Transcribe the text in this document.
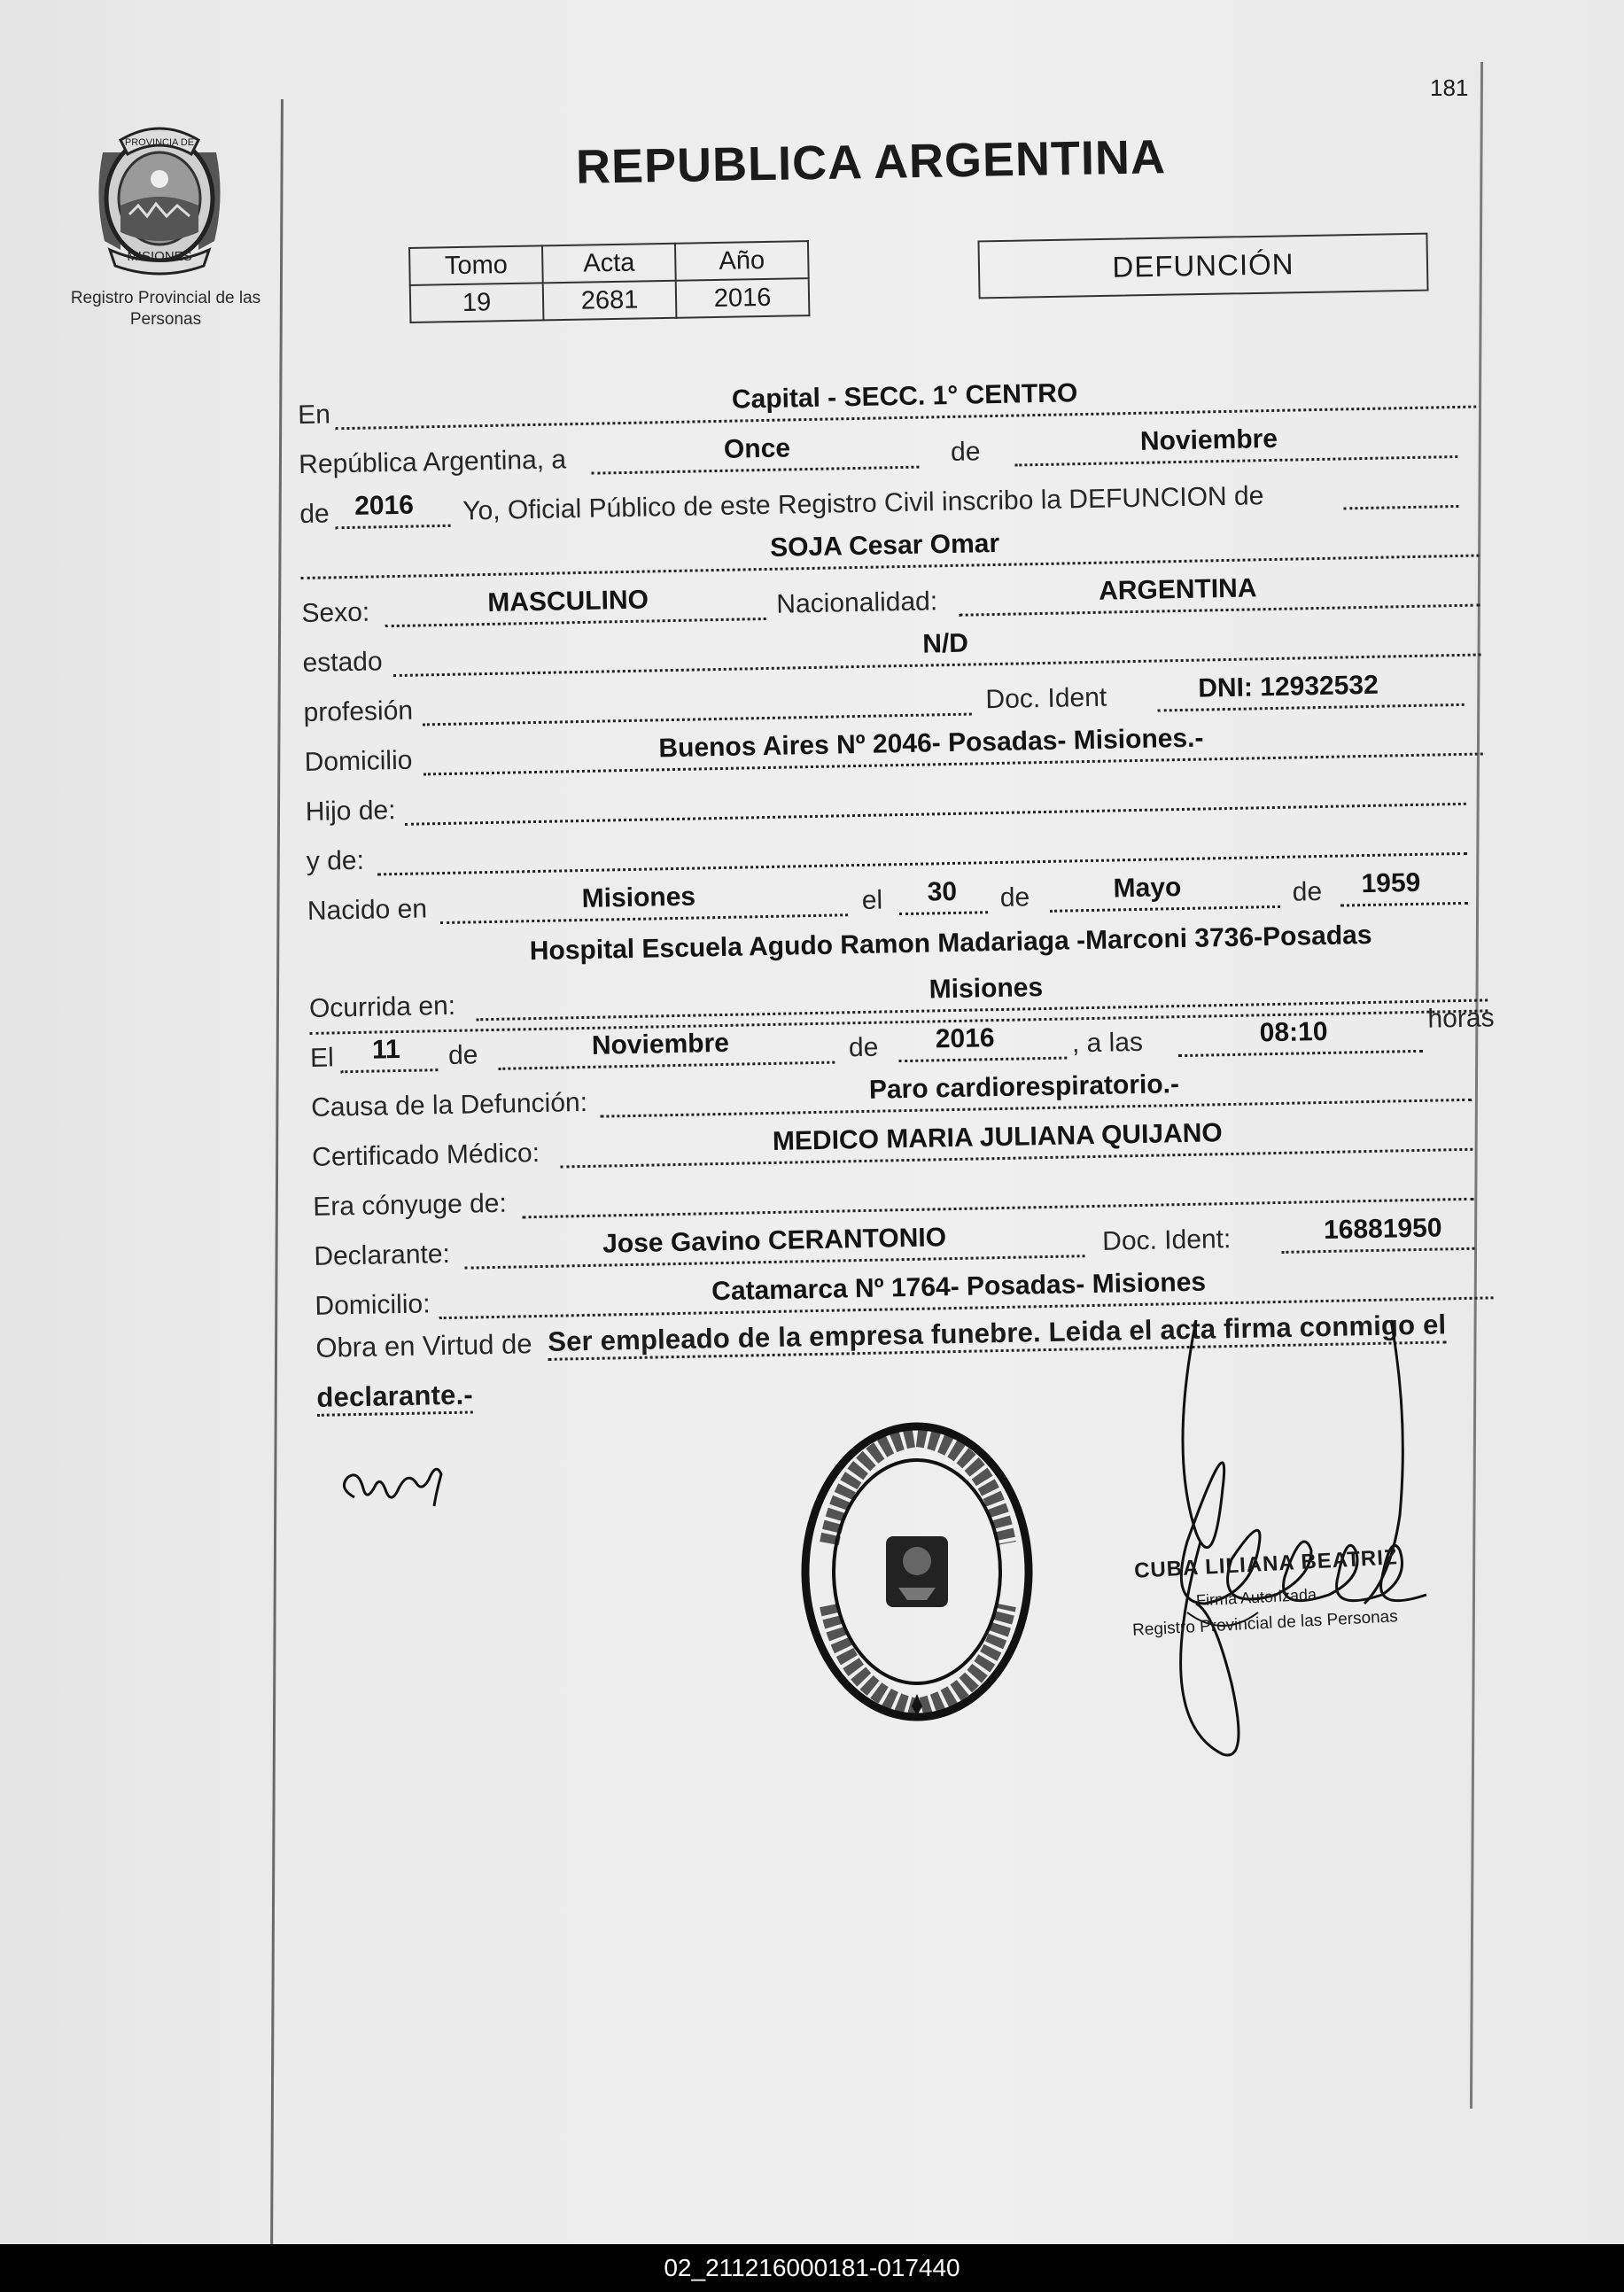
181
MISIONES
PROVINCIA DE
Registro Provincial de las Personas
REPUBLICA ARGENTINA
Tomo	Acta	Año
19	2681	2016
DEFUNCIÓN
En
Capital - SECC. 1° CENTRO
República Argentina, a	Once	de	Noviembre
de 2016 Yo, Oficial Público de este Registro Civil inscribo la DEFUNCION de
SOJA Cesar Omar
Sexo:	MASCULINO	Nacionalidad:	ARGENTINA
estado
N/D
profesión	Doc. Ident	DNI: 12932532
Domicilio	Buenos Aires Nº 2046- Posadas- Misiones.-
Hijo de:
y de:
Nacido en	Misiones	el 30 de	Mayo	de 1959
Hospital Escuela Agudo Ramon Madariaga -Marconi 3736-Posadas
Ocurrida en:
Misiones
El 11 de	Noviembre	de 2016	, a las	08:10	horas
Causa de la Defunción:
Paro cardiorespiratorio.-
Certificado Médico:	MEDICO MARIA JULIANA QUIJANO
Era cónyuge de:
Declarante:	Jose Gavino CERANTONIO	Doc. Ident:	16881950
Domicilio:	Catamarca Nº 1764- Posadas- Misiones
Obra en Virtud de Ser empleado de la empresa funebre. Leida el acta firma conmigo el
declarante.-
CUBA LILIANA BEATRIZ
Firma Autorizada
Registro Provincial de las Personas
02_211216000181-017440
